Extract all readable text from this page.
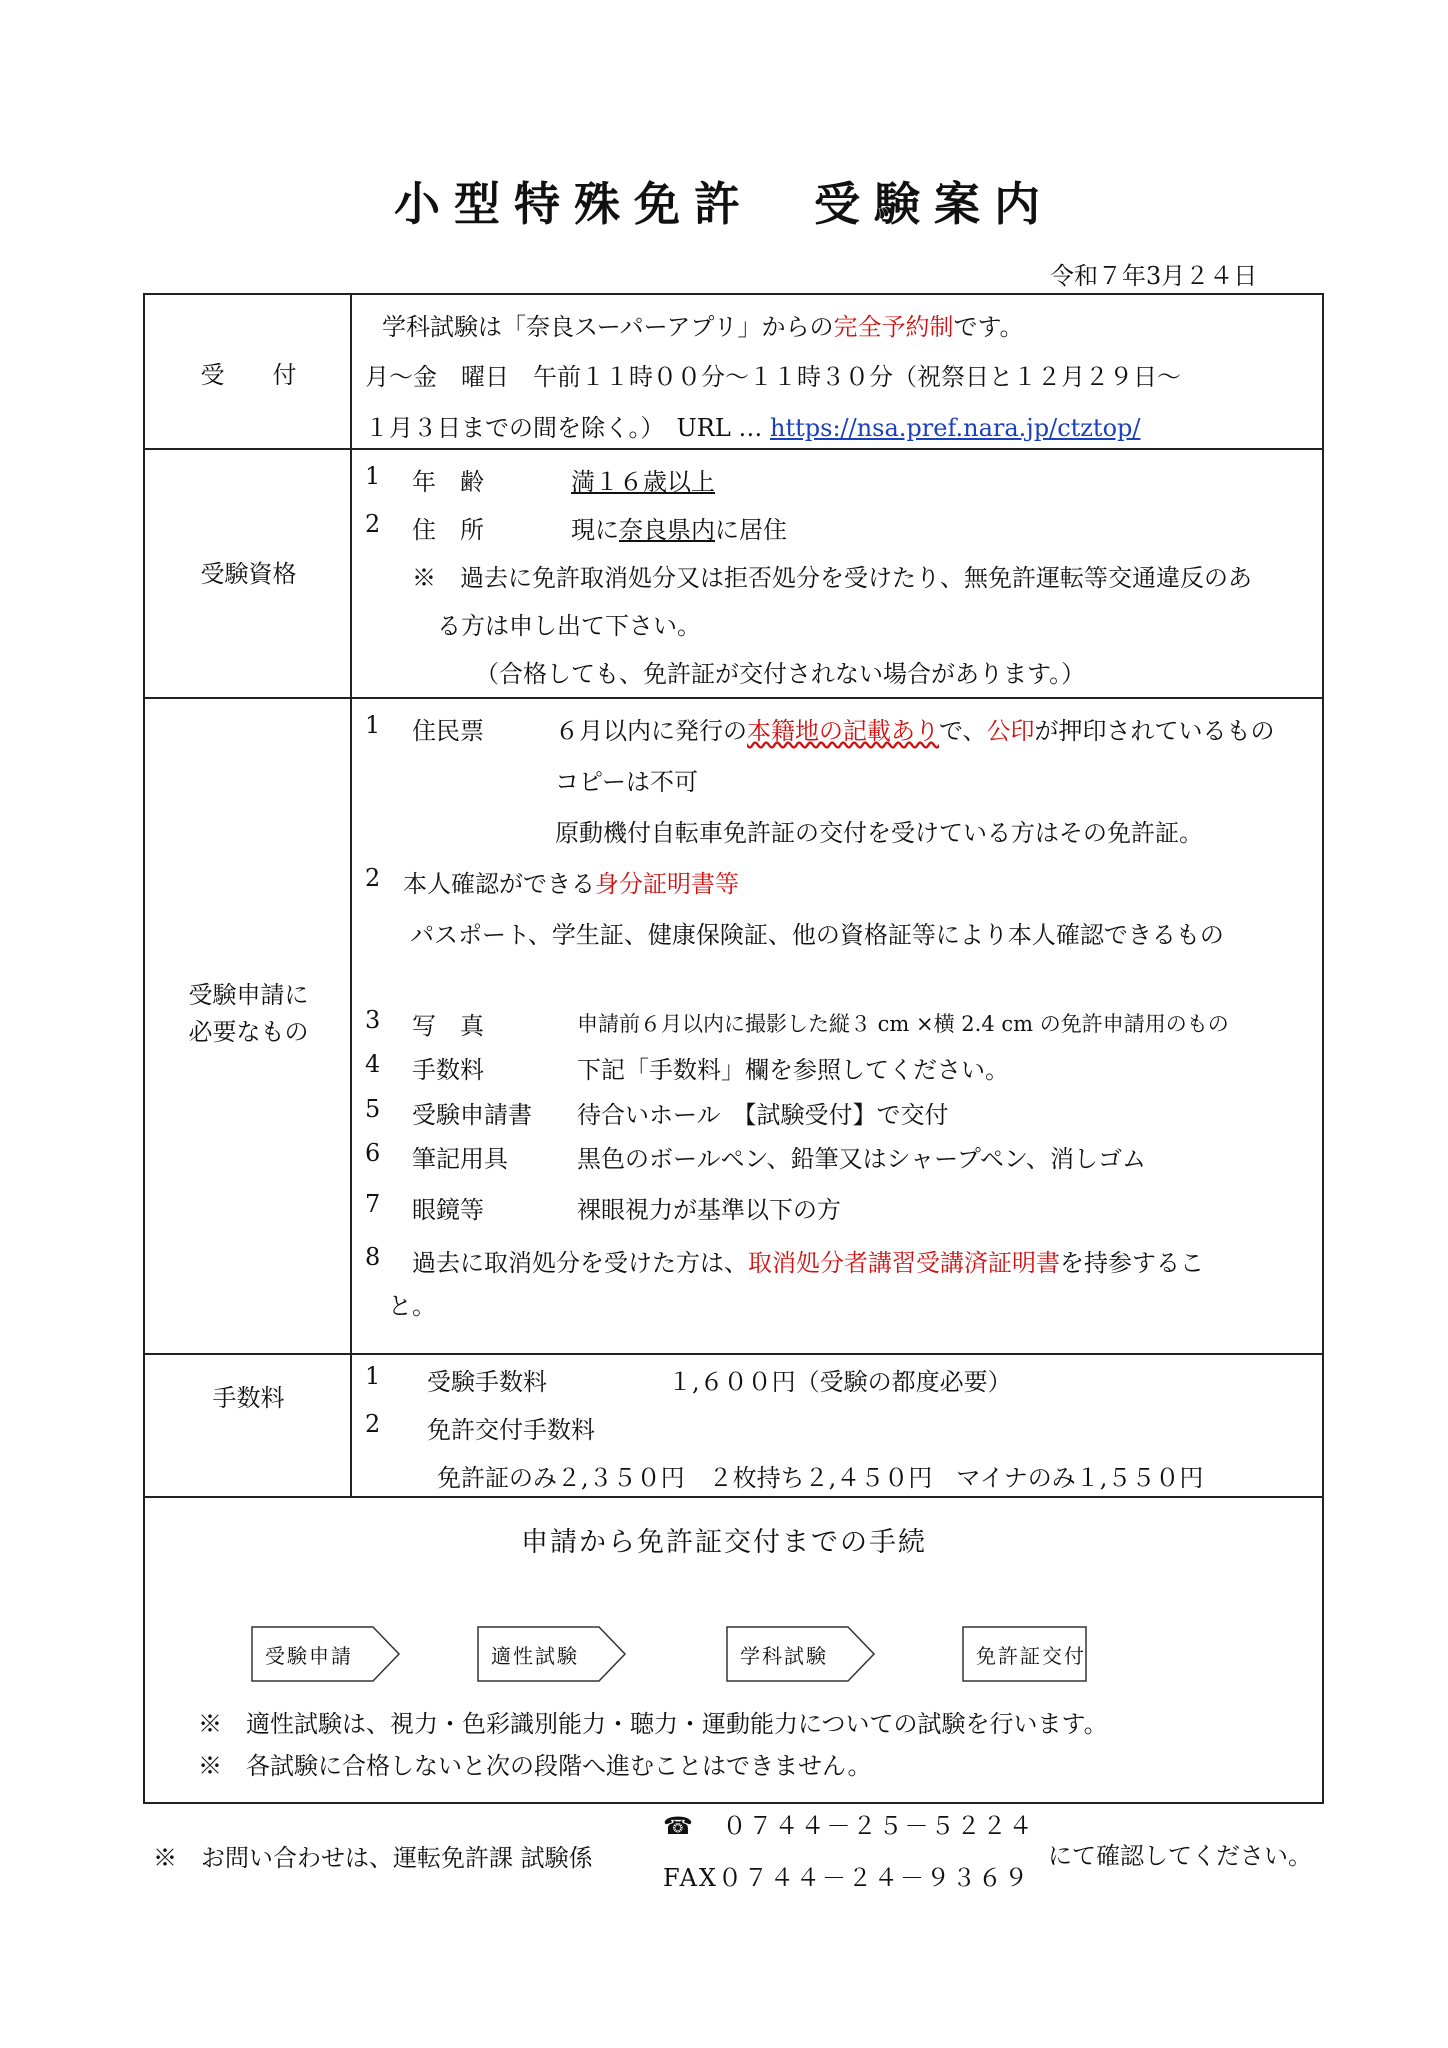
小型特殊免許　受験案内
令和７年3月２４日
受　　付
学科試験は「奈良スーパーアプリ」からの完全予約制です。
月～金　曜日　午前１１時００分～１１時３０分（祝祭日と１２月２９日～
１月３日までの間を除く。）　URL … https://nsa.pref.nara.jp/ctztop/
受験資格
1 年　齢	満１６歳以上
2 住　所	現に奈良県内に居住
※　過去に免許取消処分又は拒否処分を受けたり、無免許運転等交通違反のあ
る方は申し出て下さい。
（合格しても、免許証が交付されない場合があります。）
受験申請に
必要なもの
1 住民票	６月以内に発行の本籍地の記載ありで、公印が押印されているもの
コピーは不可
原動機付自転車免許証の交付を受けている方はその免許証。
2 本人確認ができる身分証明書等
パスポート、学生証、健康保険証、他の資格証等により本人確認できるもの
3 写　真	申請前６月以内に撮影した縦３ cm ×横 2.4 cm の免許申請用のもの
4 手数料	下記「手数料」欄を参照してください。
5 受験申請書 待合いホール　【試験受付】で交付
6 筆記用具	黒色のボールペン、鉛筆又はシャープペン、消しゴム
7 眼鏡等	裸眼視力が基準以下の方
8 過去に取消処分を受けた方は、取消処分者講習受講済証明書を持参するこ
と。
手数料
1 受験手数料	１,６００円（受験の都度必要）
2 免許交付手数料
免許証のみ２,３５０円　２枚持ち２,４５０円　マイナのみ１,５５０円
申請から免許証交付までの手続
受験申請	適性試験	学科試験	免許証交付
※　適性試験は、視力・色彩識別能力・聴力・運動能力についての試験を行います。
※　各試験に合格しないと次の段階へ進むことはできません。
※　お問い合わせは、運転免許課 試験係
☎ ０７４４－２５－５２２４
FAX０７４４－２４－９３６９
にて確認してください。
